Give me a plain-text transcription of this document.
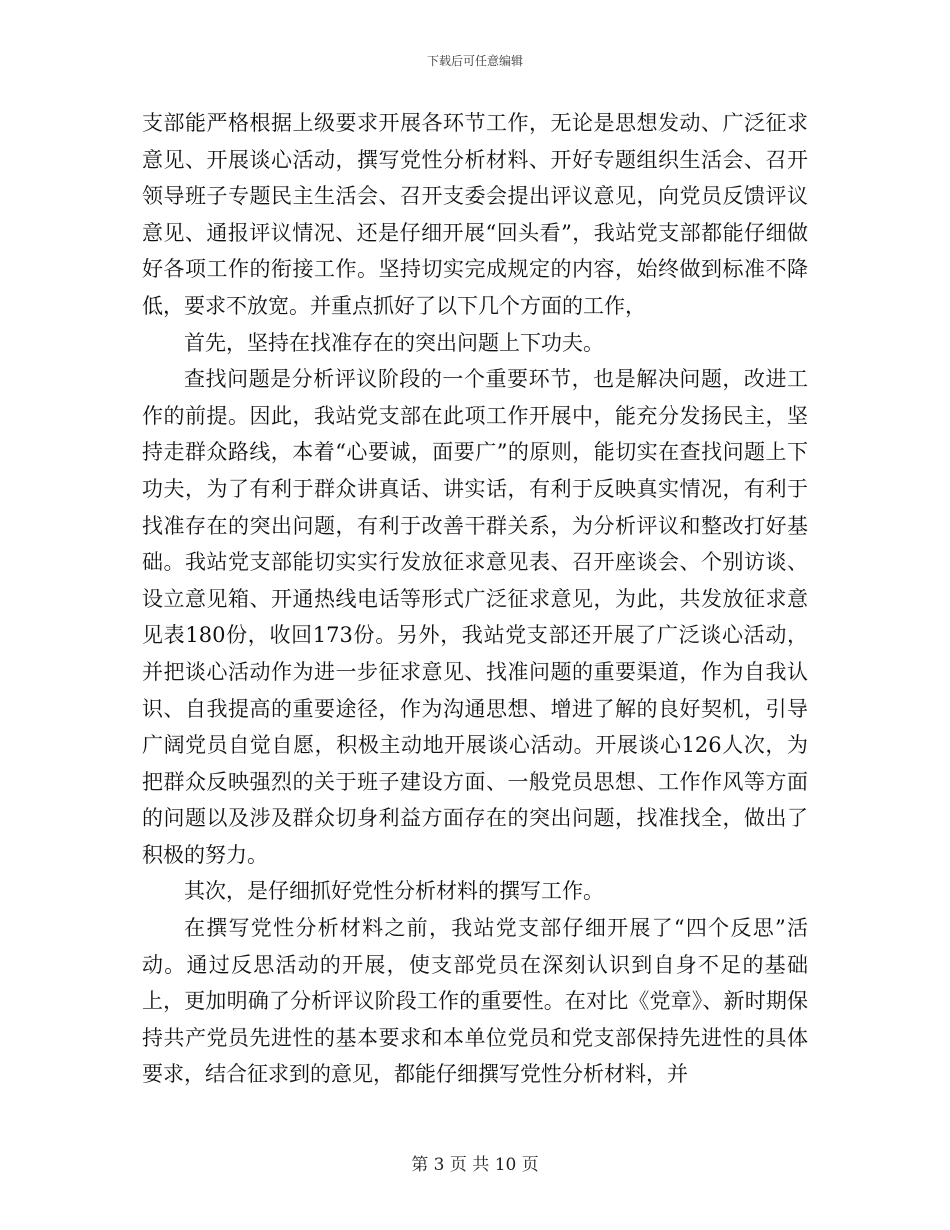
下载后可任意编辑

支部能严格根据上级要求开展各环节工作，无论是思想发动、广泛征求意见、开展谈心活动，撰写党性分析材料、开好专题组织生活会、召开领导班子专题民主生活会、召开支委会提出评议意见，向党员反馈评议意见、通报评议情况、还是仔细开展“回头看”，我站党支部都能仔细做好各项工作的衔接工作。坚持切实完成规定的内容，始终做到标准不降低，要求不放宽。并重点抓好了以下几个方面的工作，

首先，坚持在找准存在的突出问题上下功夫。

查找问题是分析评议阶段的一个重要环节，也是解决问题，改进工作的前提。因此，我站党支部在此项工作开展中，能充分发扬民主，坚持走群众路线，本着“心要诚，面要广”的原则，能切实在查找问题上下功夫，为了有利于群众讲真话、讲实话，有利于反映真实情况，有利于找准存在的突出问题，有利于改善干群关系，为分析评议和整改打好基础。我站党支部能切实实行发放征求意见表、召开座谈会、个别访谈、设立意见箱、开通热线电话等形式广泛征求意见，为此，共发放征求意见表180份，收回173份。另外，我站党支部还开展了广泛谈心活动，并把谈心活动作为进一步征求意见、找准问题的重要渠道，作为自我认识、自我提高的重要途径，作为沟通思想、增进了解的良好契机，引导广阔党员自觉自愿，积极主动地开展谈心活动。开展谈心126人次，为把群众反映强烈的关于班子建设方面、一般党员思想、工作作风等方面的问题以及涉及群众切身利益方面存在的突出问题，找准找全，做出了积极的努力。

其次，是仔细抓好党性分析材料的撰写工作。

在撰写党性分析材料之前，我站党支部仔细开展了“四个反思”活动。通过反思活动的开展，使支部党员在深刻认识到自身不足的基础上，更加明确了分析评议阶段工作的重要性。在对比《党章》、新时期保持共产党员先进性的基本要求和本单位党员和党支部保持先进性的具体要求，结合征求到的意见，都能仔细撰写党性分析材料，并

第 3 页 共 10 页
